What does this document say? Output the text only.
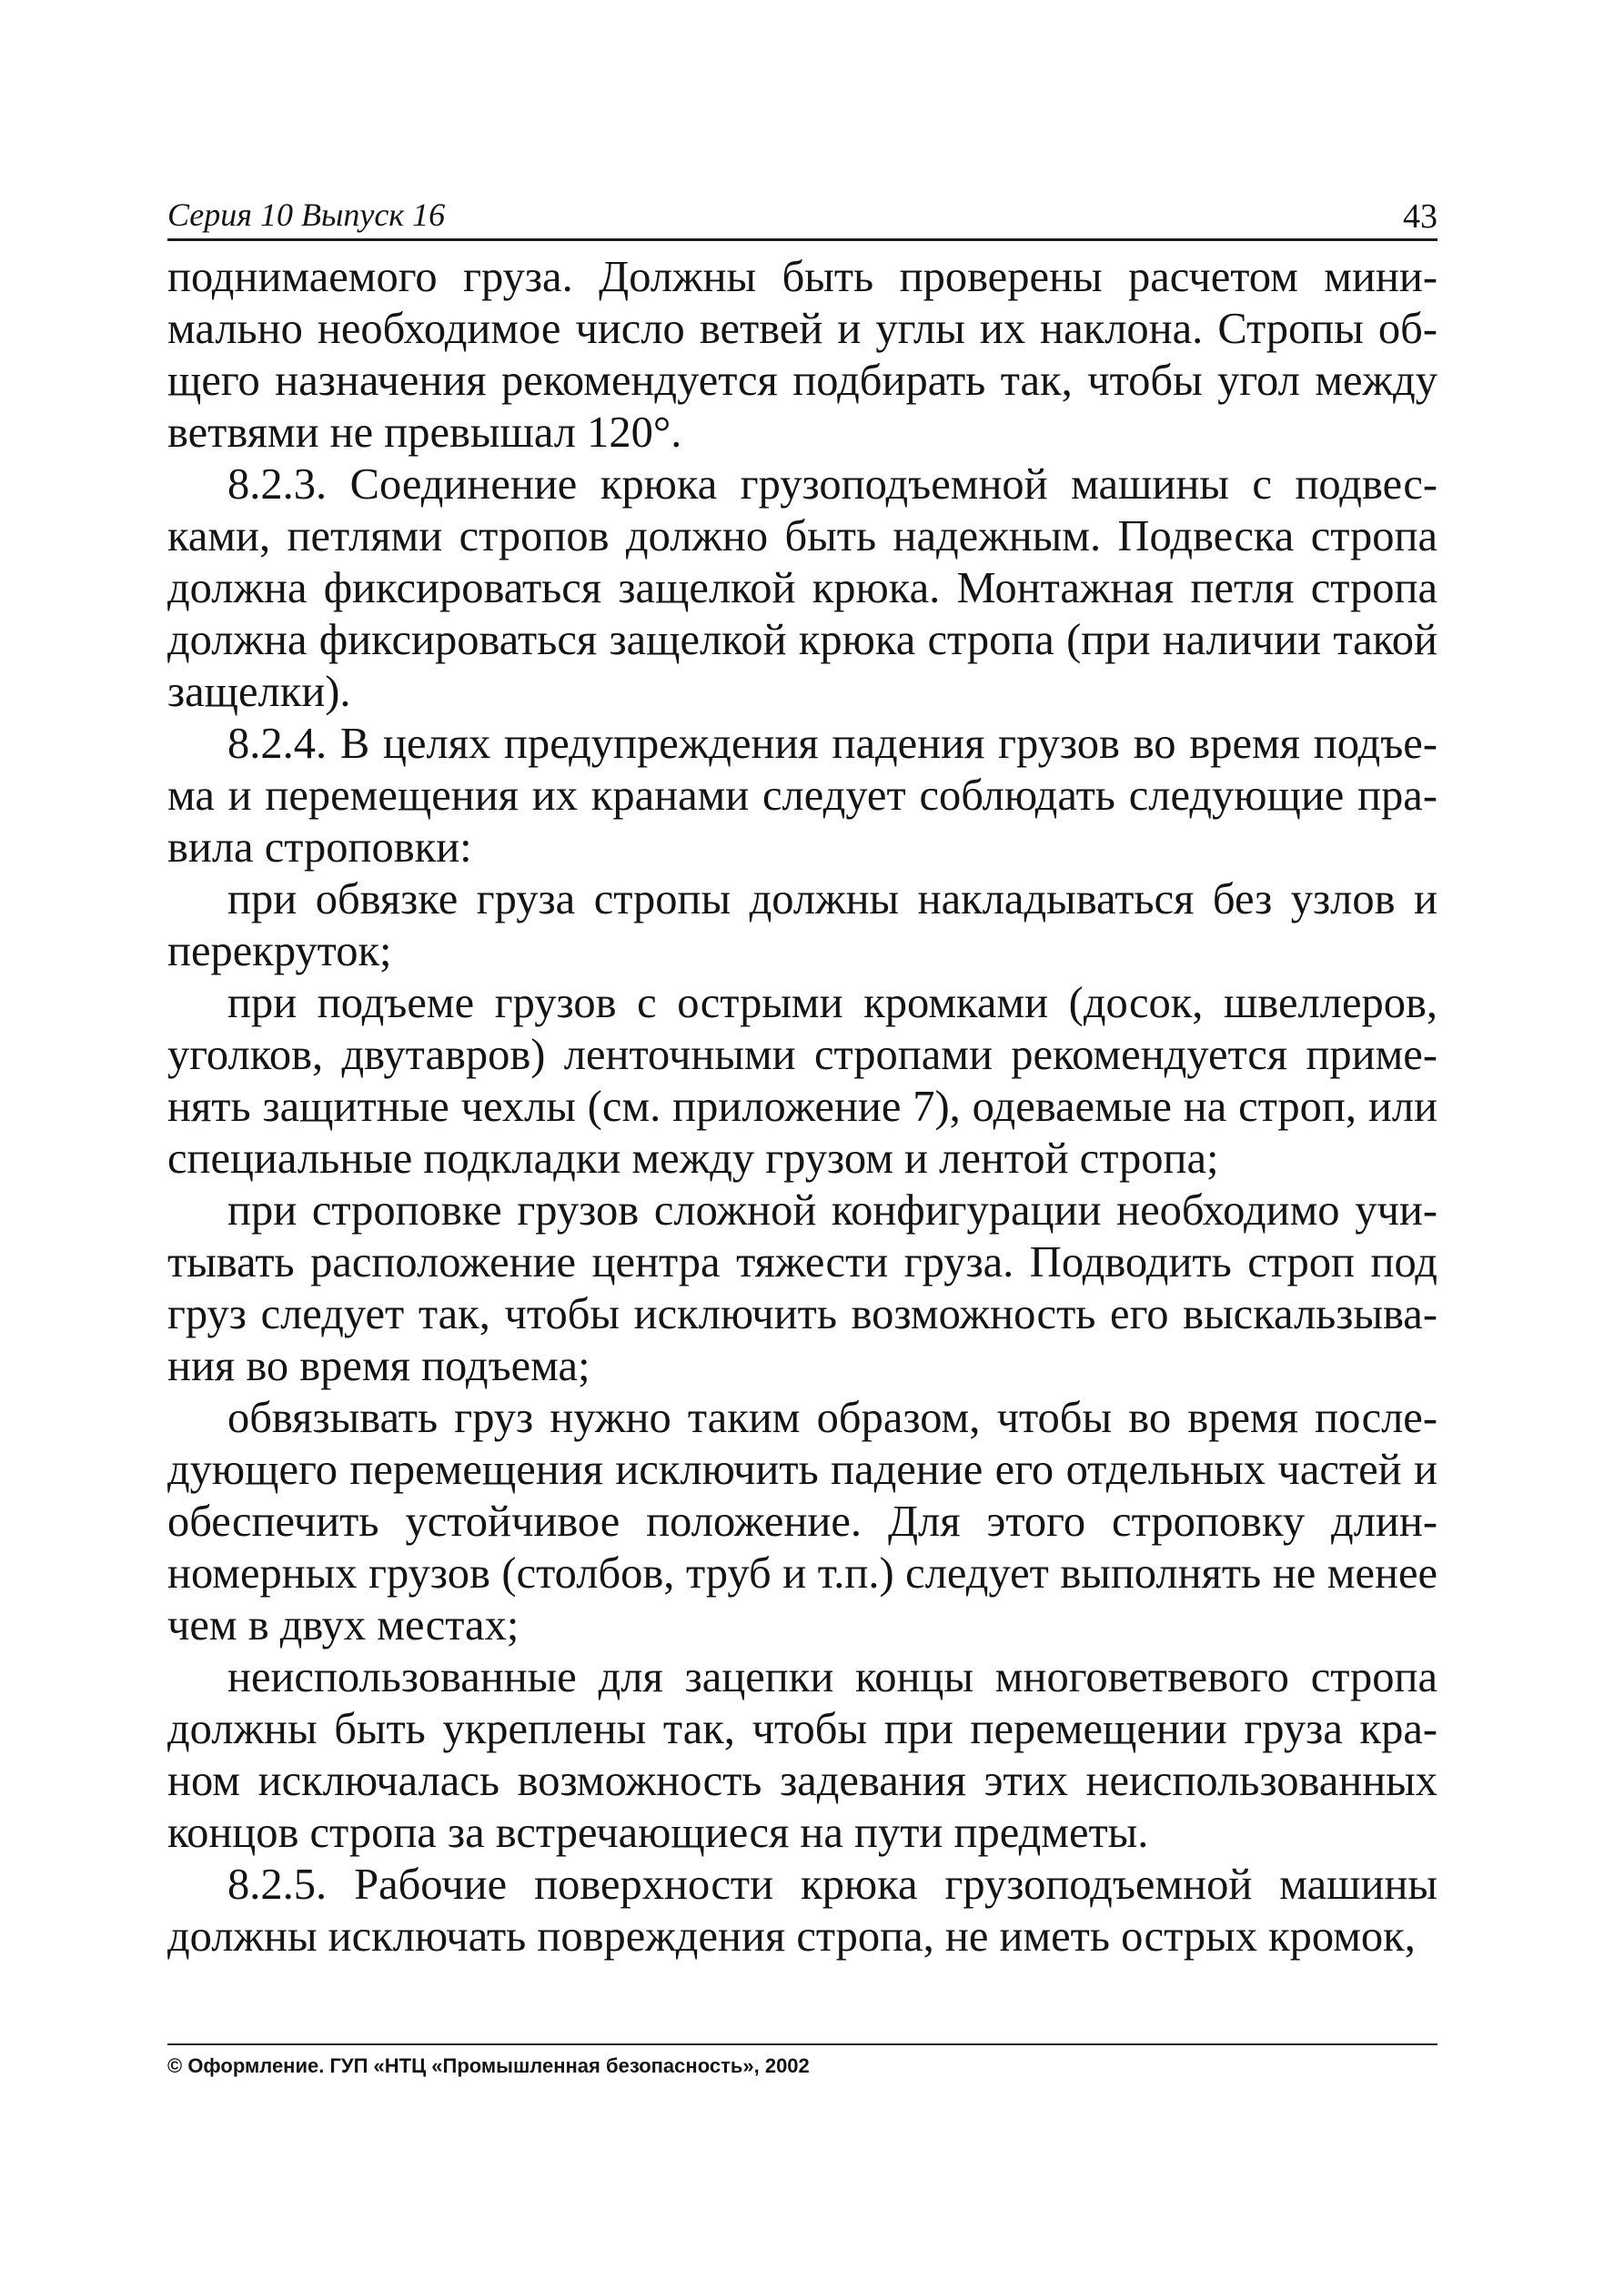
Серия 10 Выпуск 16	43

поднимаемого груза. Должны быть проверены расчетом минимально необходимое число ветвей и углы их наклона. Стропы общего назначения рекомендуется подбирать так, чтобы угол между ветвями не превышал 120°.

8.2.3. Соединение крюка грузоподъемной машины с подвесками, петлями стропов должно быть надежным. Подвеска стропа должна фиксироваться защелкой крюка. Монтажная петля стропа должна фиксироваться защелкой крюка стропа (при наличии такой защелки).

8.2.4. В целях предупреждения падения грузов во время подъема и перемещения их кранами следует соблюдать следующие правила строповки:

при обвязке груза стропы должны накладываться без узлов и перекруток;

при подъеме грузов с острыми кромками (досок, швеллеров, уголков, двутавров) ленточными стропами рекомендуется применять защитные чехлы (см. приложение 7), одеваемые на строп, или специальные подкладки между грузом и лентой стропа;

при строповке грузов сложной конфигурации необходимо учитывать расположение центра тяжести груза. Подводить строп под груз следует так, чтобы исключить возможность его выскальзывания во время подъема;

обвязывать груз нужно таким образом, чтобы во время последующего перемещения исключить падение его отдельных частей и обеспечить устойчивое положение. Для этого строповку длинномерных грузов (столбов, труб и т.п.) следует выполнять не менее чем в двух местах;

неиспользованные для зацепки концы многоветвевого стропа должны быть укреплены так, чтобы при перемещении груза краном исключалась возможность задевания этих неиспользованных концов стропа за встречающиеся на пути предметы.

8.2.5. Рабочие поверхности крюка грузоподъемной машины должны исключать повреждения стропа, не иметь острых кромок,

© Оформление. ГУП «НТЦ «Промышленная безопасность», 2002
